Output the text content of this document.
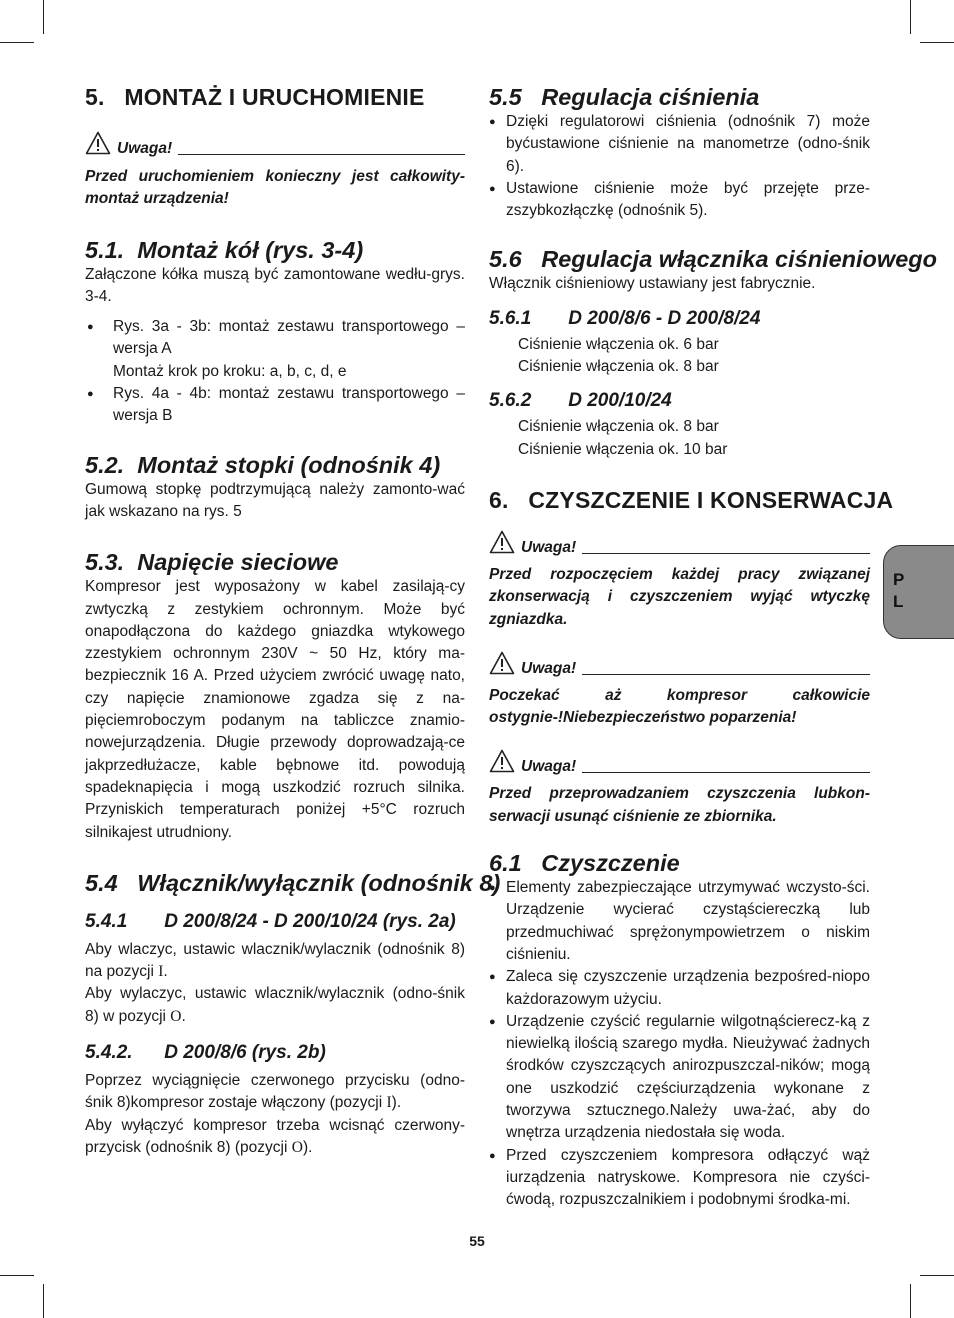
5.   MONTAŻ I URUCHOMIENIE
Uwaga!

Przed uruchomieniem konieczny jest całkowity-montaż urządzenia!

5.1.  Montaż kół (rys. 3-4)

Załączone kółka muszą być zamontowane wedłu-grys. 3-4.

● Rys. 3a - 3b: montaż zestawu transportowego – wersja A
Montaż krok po kroku: a, b, c, d, e
● Rys. 4a - 4b: montaż zestawu transportowego – wersja B
5.2.  Montaż stopki (odnośnik 4)

Gumową stopkę podtrzymującą należy zamonto-wać jak wskazano na rys. 5

5.3.  Napięcie sieciowe

Kompresor jest wyposażony w kabel zasilają-cy zwtyczką z zestykiem ochronnym. Może być onapodłączona do każdego gniazdka wtykowego zzestykiem ochronnym 230V ~ 50 Hz, który ma-bezpiecznik 16 A. Przed użyciem zwrócić uwagę nato, czy napięcie znamionowe zgadza się z na-pięciemroboczym podanym na tabliczce znamio-nowejurządzenia. Długie przewody doprowadzają-ce jakprzedłużacze, kable bębnowe itd. powodują spadeknapięcia i mogą uszkodzić rozruch silnika. Przyniskich temperaturach poniżej +5°C rozruch silnikajest utrudniony.

5.4   Włącznik/wyłącznik (odnośnik 8)
5.4.1       D 200/8/24 - D 200/10/24 (rys. 2a)

Aby wlaczyc, ustawic wlacznik/wylacznik (odnośnik 8) na pozycji I.

Aby wylaczyc, ustawic wlacznik/wylacznik (odno-śnik 8) w pozycji O.

5.4.2.      D 200/8/6 (rys. 2b)

Poprzez wyciągnięcie czerwonego przycisku (odno-śnik 8)kompresor zostaje włączony (pozycji I).

Aby wyłączyć kompresor trzeba wcisnąć czerwony-przycisk (odnośnik 8) (pozycji O).

5.5   Regulacja ciśnienia
● Dzięki regulatorowi ciśnienia (odnośnik 7) może byćustawione ciśnienie na manometrze (odno-śnik 6).
● Ustawione ciśnienie może być przejęte prze-zszybkozłączkę (odnośnik 5).
5.6   Regulacja włącznika ciśnieniowego

Włącznik ciśnieniowy ustawiany jest fabrycznie.

5.6.1       D 200/8/6 - D 200/8/24

Ciśnienie włączenia ok. 6 bar

Ciśnienie włączenia ok. 8 bar

5.6.2       D 200/10/24

Ciśnienie włączenia ok. 8 bar

Ciśnienie włączenia ok. 10 bar

6.   CZYSZCZENIE I KONSERWACJA
Uwaga!

Przed rozpoczęciem każdej pracy związanej zkonserwacją i czyszczeniem wyjąć wtyczkę zgniazdka.

Uwaga!

Poczekać aż kompresor całkowicie ostygnie-!Niebezpieczeństwo poparzenia!

Uwaga!

Przed przeprowadzaniem czyszczenia lubkon-serwacji usunąć ciśnienie ze zbiornika.

6.1   Czyszczenie
● Elementy zabezpieczające utrzymywać wczysto-ści. Urządzenie wycierać czystąściereczką lub przedmuchiwać sprężonympowietrzem o niskim ciśnieniu.
● Zaleca się czyszczenie urządzenia bezpośred-niopo każdorazowym użyciu.
● Urządzenie czyścić regularnie wilgotnąścierecz-ką z niewielką ilością szarego mydła. Nieużywać żadnych środków czyszczących anirozpuszczal-ników; mogą one uszkodzić częściurządzenia wykonane z tworzywa sztucznego.Należy uwa-żać, aby do wnętrza urządzenia niedostała się woda.
● Przed czyszczeniem kompresora odłączyć wąż iurządzenia natryskowe. Kompresora nie czyści-ćwodą, rozpuszczalnikiem i podobnymi środka-mi.
P
L
55
